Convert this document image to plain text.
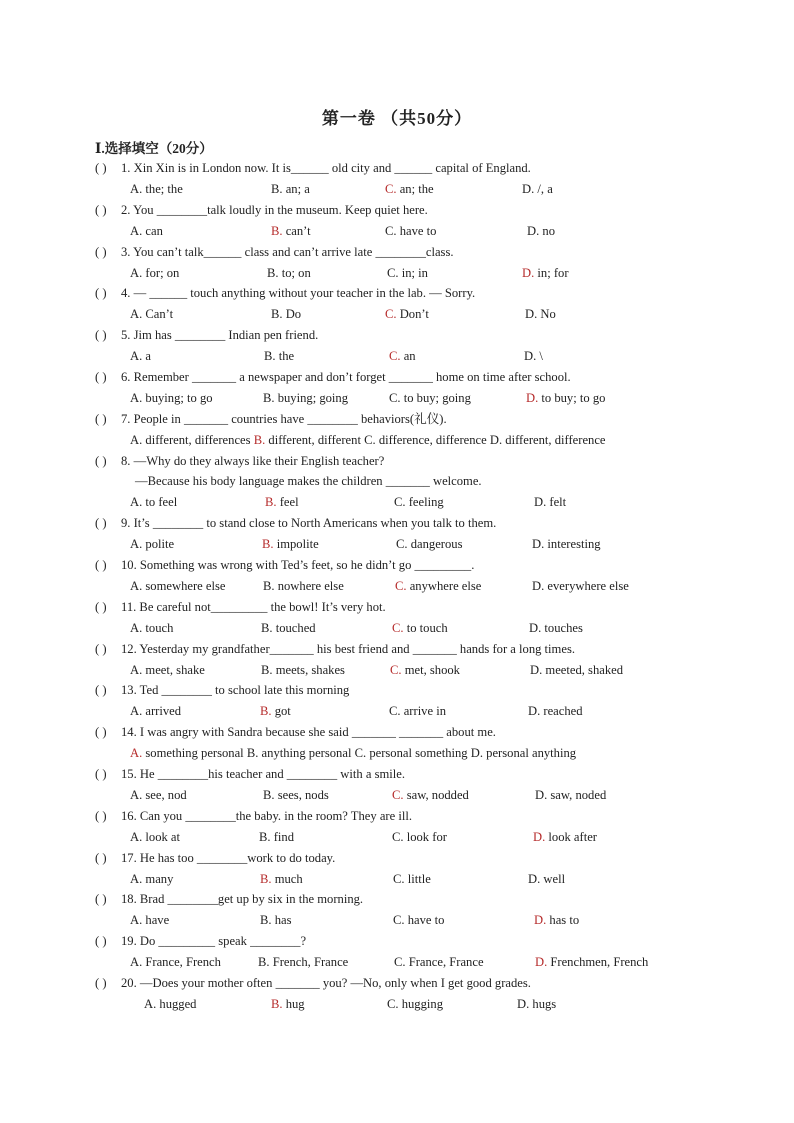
第一卷 （共50分）
Ⅰ.选择填空（20分）
( ) 1. Xin Xin is in London now. It is______ old city and ______ capital of England.
A. the; the	B. an; a	C. an; the	D. /, a
( ) 2. You ________talk loudly in the museum. Keep quiet here.
A. can	B. can’t	C. have to	D. no
( ) 3. You can’t talk______ class and can’t arrive late ________class.
A. for; on	B. to; on	C. in; in	D. in; for
( ) 4. — ______ touch anything without your teacher in the lab. — Sorry.
A. Can’t	B. Do	C. Don’t	D. No
( ) 5. Jim has ________ Indian pen friend.
A. a	B. the	C. an	D. \
( ) 6. Remember _______ a newspaper and don’t forget _______ home on time after school.
A. buying; to go	B. buying; going	C. to buy; going	D. to buy; to go
( ) 7. People in _______ countries have ________ behaviors(礼仪).
A. different, differences B. different, different C. difference, difference D. different, difference
( ) 8. —Why do they always like their English teacher?
—Because his body language makes the children _______ welcome.
A. to feel	B. feel	C. feeling	D. felt
( ) 9. It’s ________ to stand close to North Americans when you talk to them.
A. polite	B. impolite	C. dangerous	D. interesting
( ) 10. Something was wrong with Ted’s feet, so he didn’t go _________.
A. somewhere else	B. nowhere else	C. anywhere else	D. everywhere else
( ) 11. Be careful not_________ the bowl! It’s very hot.
A. touch	B. touched	C. to touch	D. touches
( ) 12. Yesterday my grandfather_______ his best friend and _______ hands for a long times.
A. meet, shake	B. meets, shakes	C. met, shook	D. meeted, shaked
( ) 13. Ted ________ to school late this morning
A. arrived	B. got	C. arrive in	D. reached
( ) 14. I was angry with Sandra because she said _______ _______ about me.
A. something personal B. anything personal C. personal something D. personal anything
( ) 15. He ________his teacher and ________ with a smile.
A. see, nod	B. sees, nods	C. saw, nodded	D. saw, noded
( ) 16. Can you ________the baby. in the room? They are ill.
A. look at	B. find	C. look for	D. look after
( ) 17. He has too ________work to do today.
A. many	B. much	C. little	D. well
( ) 18. Brad ________get up by six in the morning.
A. have	B. has	C. have to	D. has to
( ) 19. Do _________ speak ________?
A. France, French	B. French, France	C. France, France	D. Frenchmen, French
( ) 20. —Does your mother often _______ you? —No, only when I get good grades.
A. hugged	B. hug	C. hugging	D. hugs
